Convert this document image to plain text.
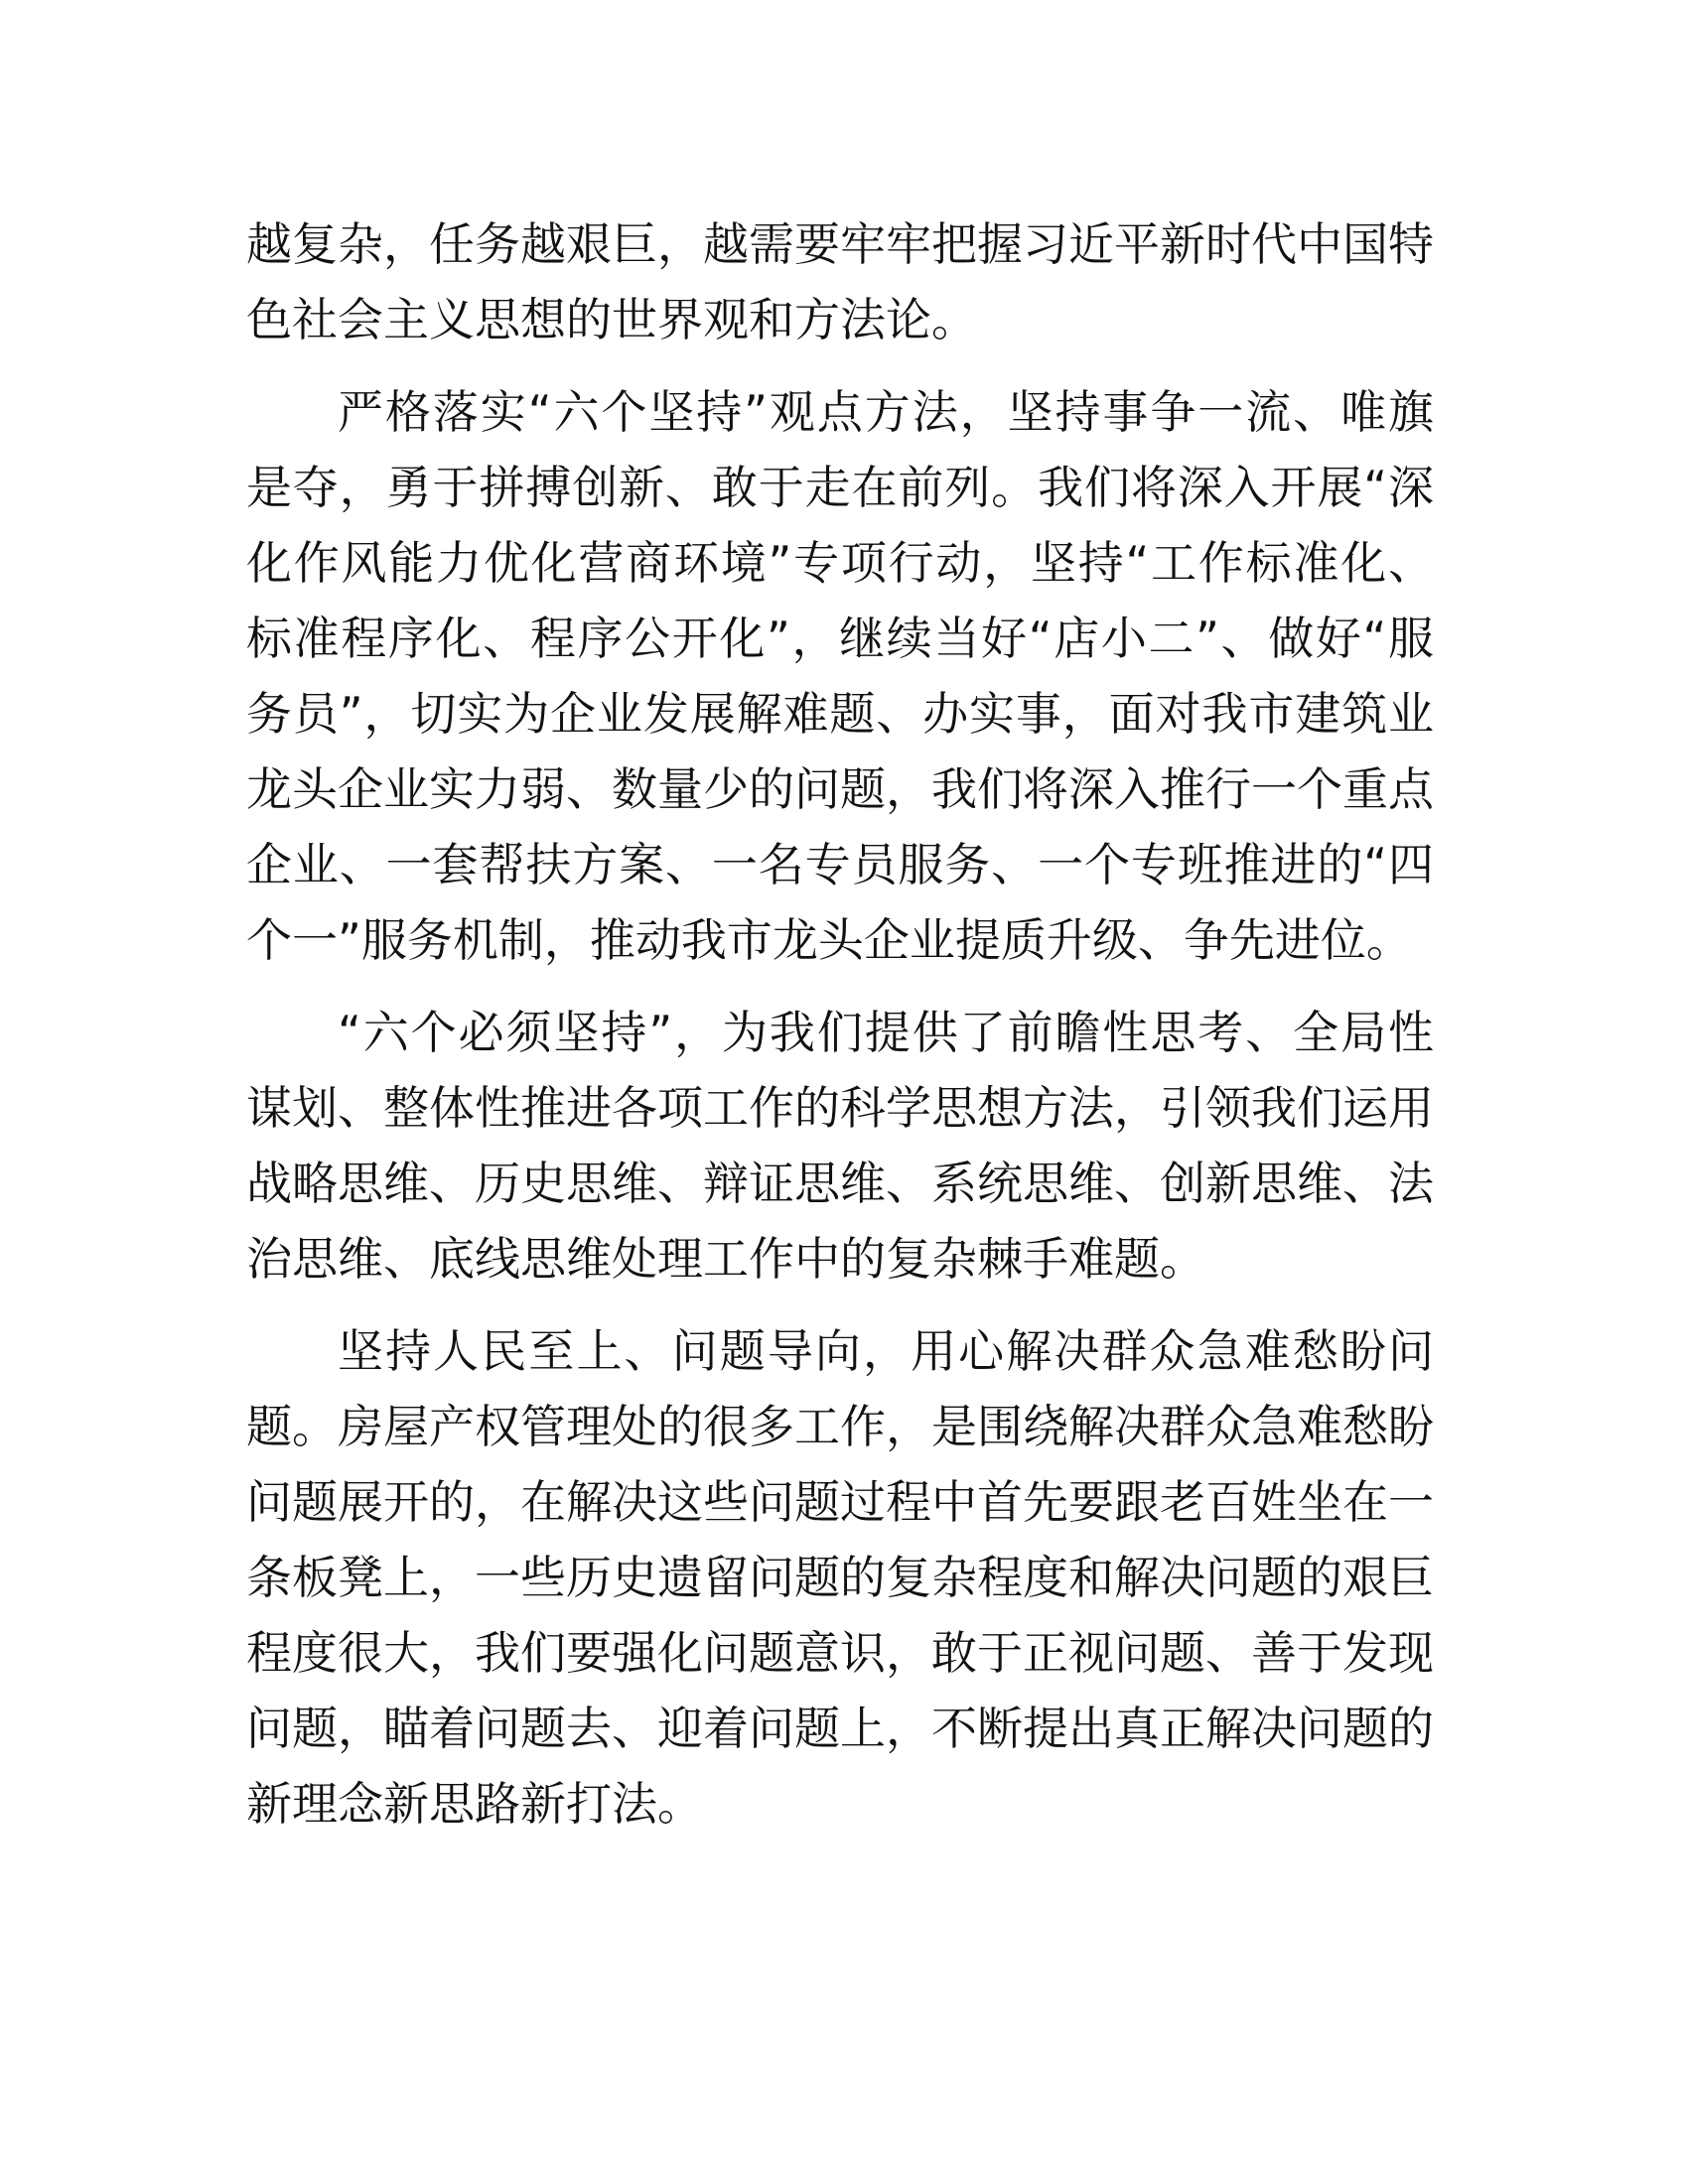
越复杂，任务越艰巨，越需要牢牢把握习近平新时代中国特色社会主义思想的世界观和方法论。

严格落实“六个坚持”观点方法，坚持事争一流、唯旗是夺，勇于拼搏创新、敢于走在前列。我们将深入开展“深化作风能力优化营商环境”专项行动，坚持“工作标准化、标准程序化、程序公开化”，继续当好“店小二”、做好“服务员”，切实为企业发展解难题、办实事，面对我市建筑业龙头企业实力弱、数量少的问题，我们将深入推行一个重点企业、一套帮扶方案、一名专员服务、一个专班推进的“四个一”服务机制，推动我市龙头企业提质升级、争先进位。

“六个必须坚持”，为我们提供了前瞻性思考、全局性谋划、整体性推进各项工作的科学思想方法，引领我们运用战略思维、历史思维、辩证思维、系统思维、创新思维、法治思维、底线思维处理工作中的复杂棘手难题。

坚持人民至上、问题导向，用心解决群众急难愁盼问题。房屋产权管理处的很多工作，是围绕解决群众急难愁盼问题展开的，在解决这些问题过程中首先要跟老百姓坐在一条板凳上，一些历史遗留问题的复杂程度和解决问题的艰巨程度很大，我们要强化问题意识，敢于正视问题、善于发现问题，瞄着问题去、迎着问题上，不断提出真正解决问题的新理念新思路新打法。
